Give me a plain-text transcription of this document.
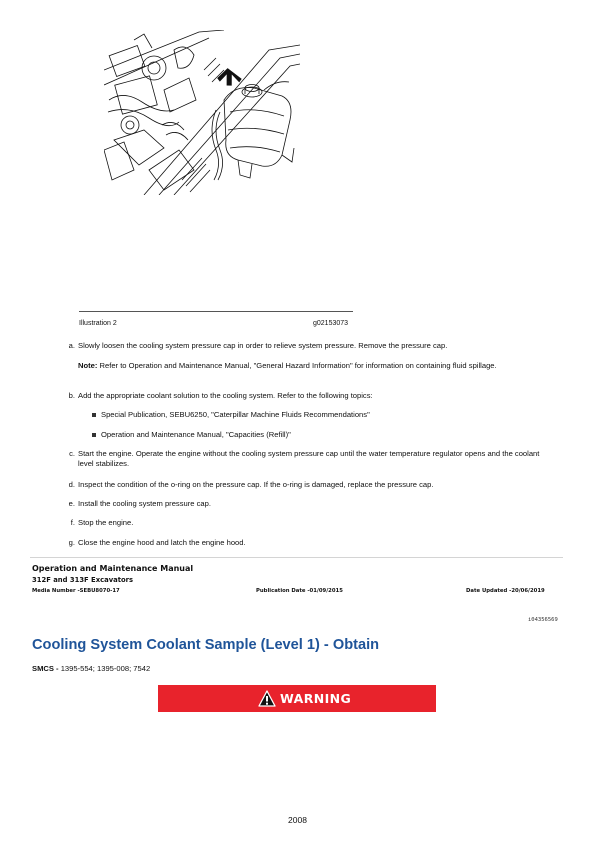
Illustration 2	g02153073
a. Slowly loosen the cooling system pressure cap in order to relieve system pressure. Remove the pressure cap.
Note: Refer to Operation and Maintenance Manual, "General Hazard Information" for information on containing fluid spillage.
b. Add the appropriate coolant solution to the cooling system. Refer to the following topics:
Special Publication, SEBU6250, "Caterpillar Machine Fluids Recommendations"
Operation and Maintenance Manual, "Capacities (Refill)"
c. Start the engine. Operate the engine without the cooling system pressure cap until the water temperature regulator opens and the coolant level stabilizes.
d. Inspect the condition of the o-ring on the pressure cap. If the o-ring is damaged, replace the pressure cap.
e. Install the cooling system pressure cap.
f. Stop the engine.
g. Close the engine hood and latch the engine hood.
Operation and Maintenance Manual
312F and 313F Excavators
Media Number -SEBU8070-17	Publication Date -01/09/2015	Date Updated -20/06/2019
i04356569
Cooling System Coolant Sample (Level 1) - Obtain
SMCS - 1395-554; 1395-008; 7542
WARNING
2008
